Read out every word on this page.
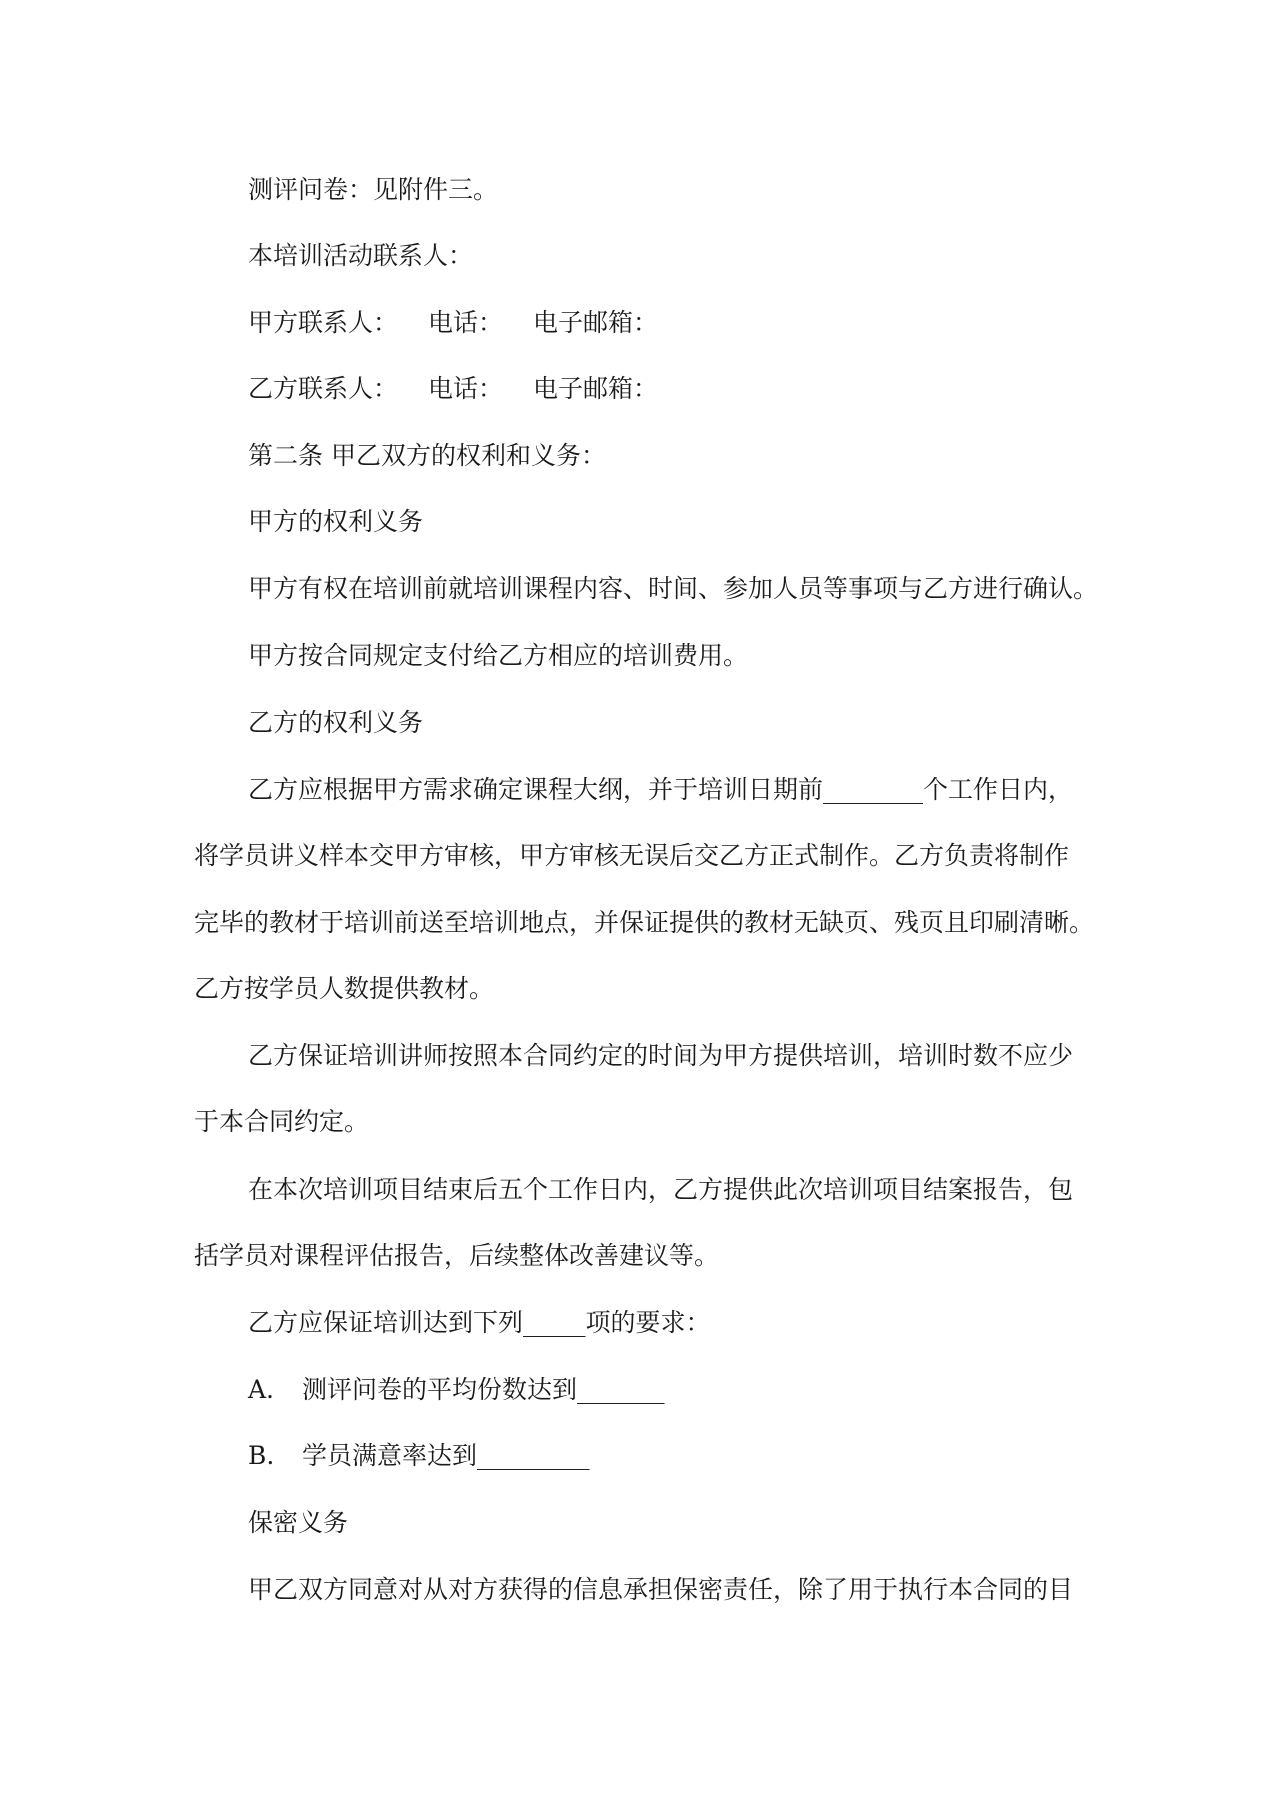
测评问卷：见附件三。
本培训活动联系人：
甲方联系人： 电话： 电子邮箱：
乙方联系人： 电话： 电子邮箱：
第二条 甲乙双方的权利和义务：
甲方的权利义务
甲方有权在培训前就培训课程内容、时间、参加人员等事项与乙方进行确认。
甲方按合同规定支付给乙方相应的培训费用。
乙方的权利义务
乙方应根据甲方需求确定课程大纲，并于培训日期前________个工作日内，
将学员讲义样本交甲方审核，甲方审核无误后交乙方正式制作。乙方负责将制作
完毕的教材于培训前送至培训地点，并保证提供的教材无缺页、残页且印刷清晰。
乙方按学员人数提供教材。
乙方保证培训讲师按照本合同约定的时间为甲方提供培训，培训时数不应少
于本合同约定。
在本次培训项目结束后五个工作日内，乙方提供此次培训项目结案报告，包
括学员对课程评估报告，后续整体改善建议等。
乙方应保证培训达到下列_____项的要求：
A. 测评问卷的平均份数达到_______
B. 学员满意率达到_________
保密义务
甲乙双方同意对从对方获得的信息承担保密责任，除了用于执行本合同的目
